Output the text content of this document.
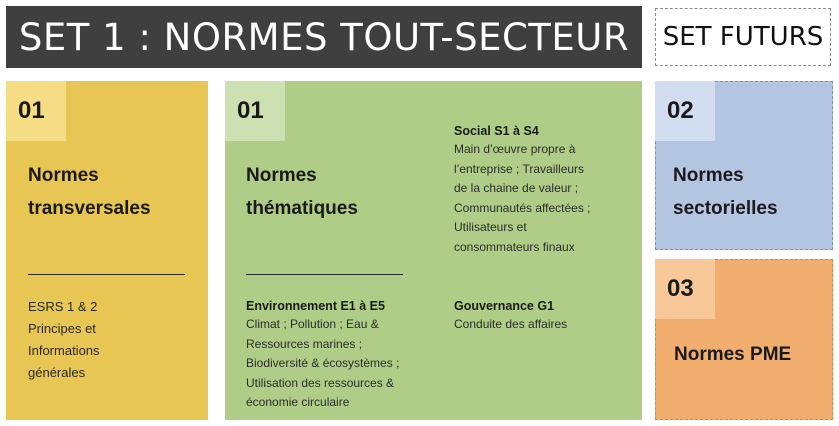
SET 1 : NORMES TOUT-SECTEUR SET FUTURS
01
Normes
transversales
ESRS 1 & 2
Principes et
Informations
générales
01
Normes
thématiques
Social S1 à S4
Main d’œuvre propre à
l’entreprise ; Travailleurs
de la chaine de valeur ;
Communautés affectées ;
Utilisateurs et
consommateurs finaux
Environnement E1 à E5
Climat ; Pollution ; Eau &
Ressources marines ;
Biodiversité & écosystèmes ;
Utilisation des ressources &
économie circulaire
Gouvernance G1
Conduite des affaires
02
Normes
sectorielles
03
Normes PME
